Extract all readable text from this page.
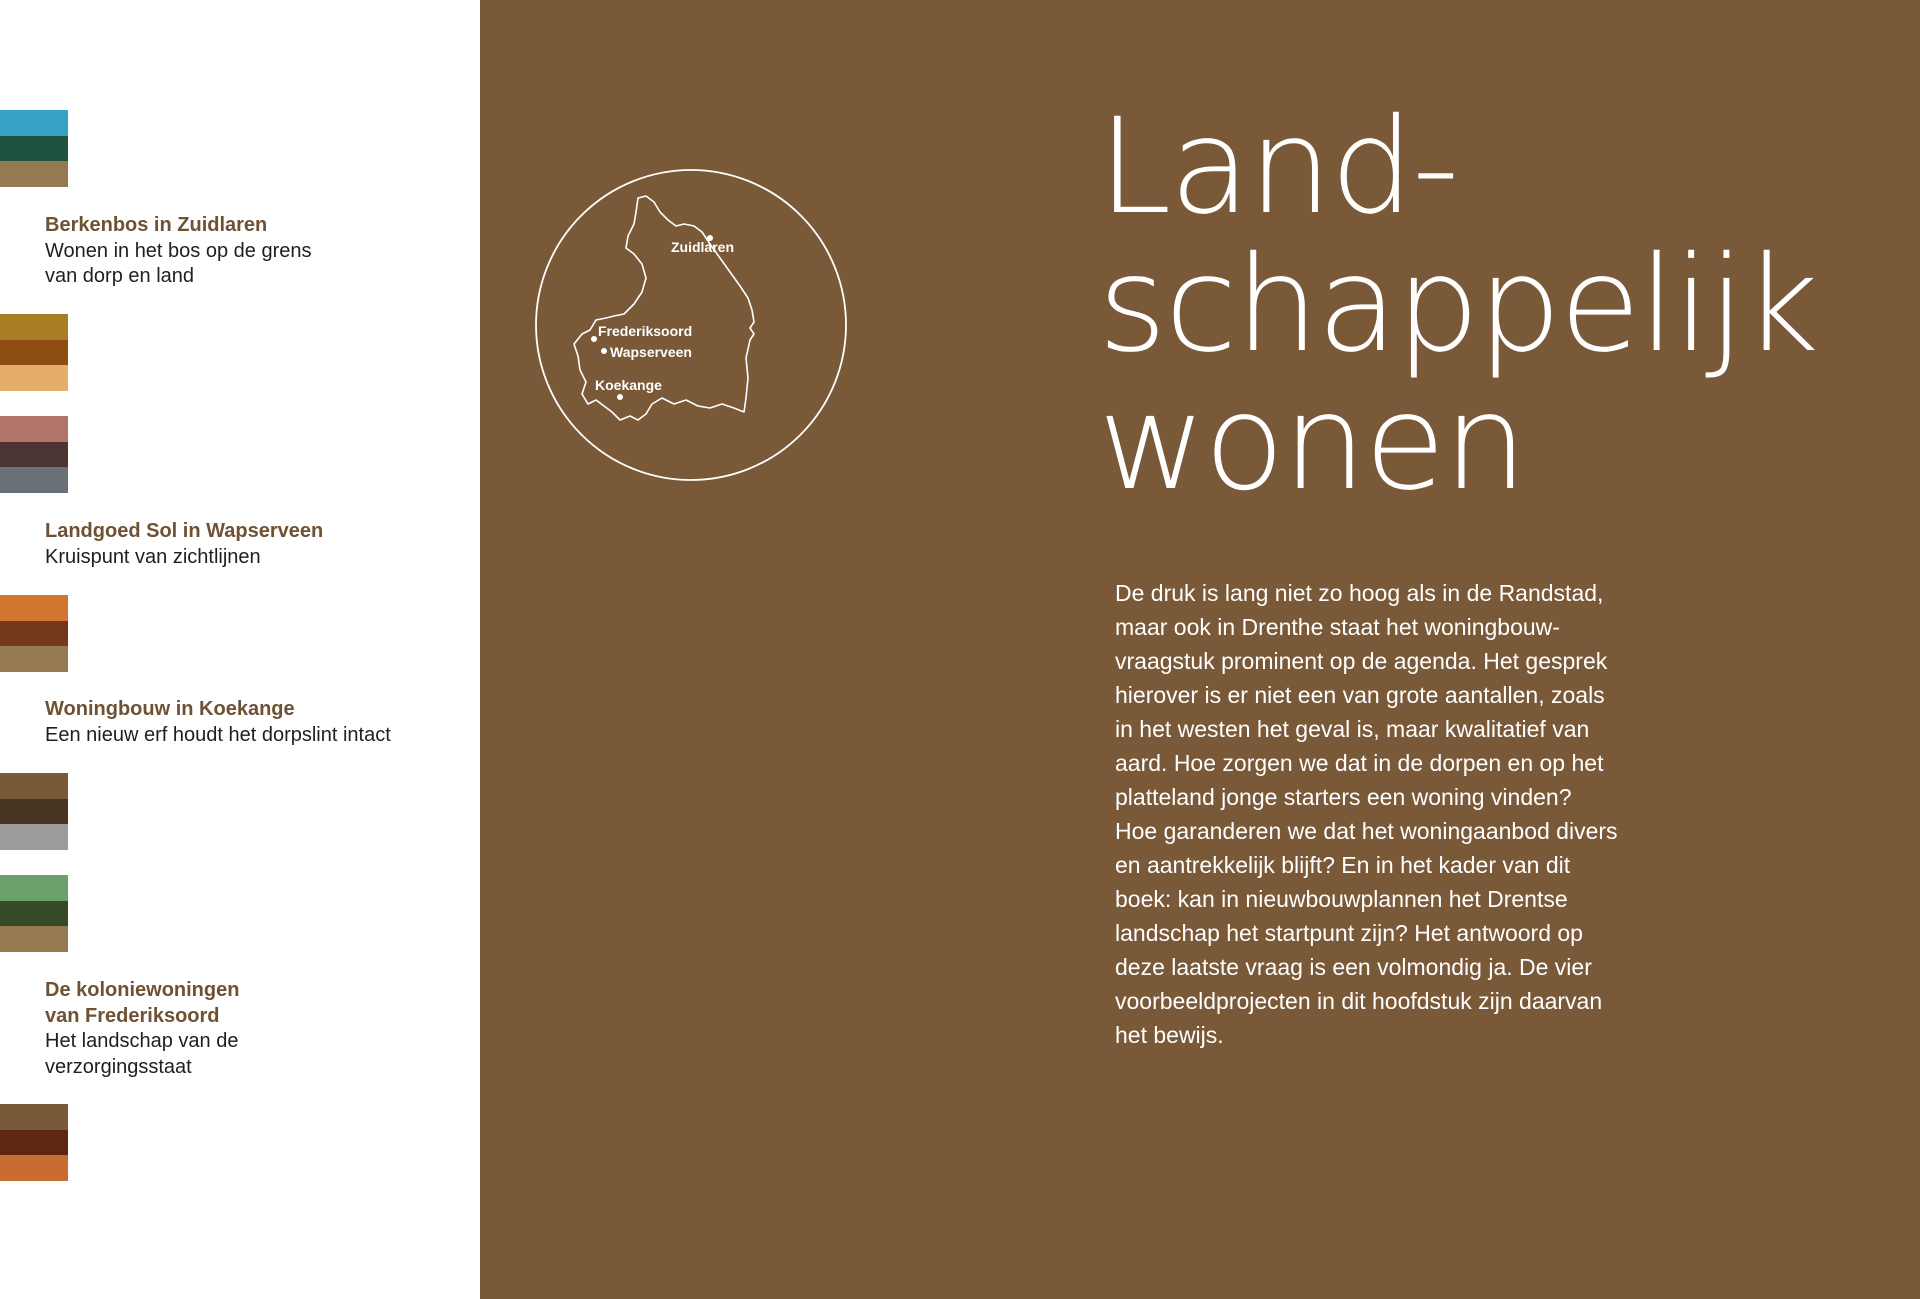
Berkenbos in Zuidlaren
Wonen in het bos op de grens
van dorp en land
Landgoed Sol in Wapserveen
Kruispunt van zichtlijnen
Woningbouw in Koekange
Een nieuw erf houdt het dorpslint intact
De koloniewoningen
van Frederiksoord
Het landschap van de
verzorgingsstaat
Zuidlaren
Frederiksoord
Wapserveen
Koekange
Land-
schappelijk
wonen
De druk is lang niet zo hoog als in de Randstad,
maar ook in Drenthe staat het woningbouw-
vraagstuk prominent op de agenda. Het gesprek
hierover is er niet een van grote aantallen, zoals
in het westen het geval is, maar kwalitatief van
aard. Hoe zorgen we dat in de dorpen en op het
platteland jonge starters een woning vinden?
Hoe garanderen we dat het woningaanbod divers
en aantrekkelijk blijft? En in het kader van dit
boek: kan in nieuwbouwplannen het Drentse
landschap het startpunt zijn? Het antwoord op
deze laatste vraag is een volmondig ja. De vier
voorbeeldprojecten in dit hoofdstuk zijn daarvan
het bewijs.
